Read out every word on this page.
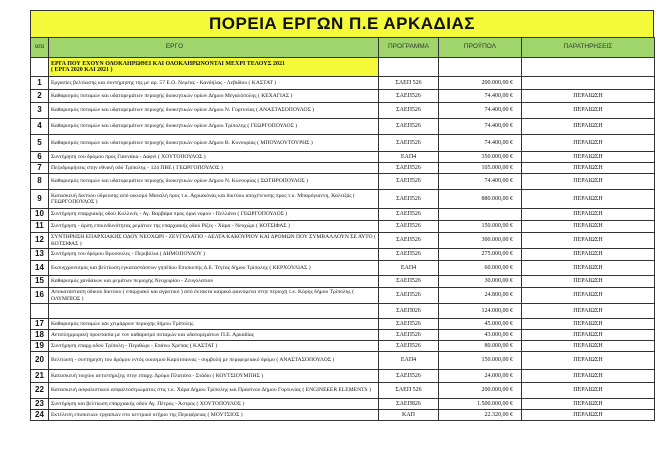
ΠΟΡΕΙΑ ΕΡΓΩΝ Π.Ε ΑΡΚΑΔΙΑΣ
α/α	ΕΡΓΟ	ΠΡΟΓΡΑΜΜΑ	ΠΡΟΫΠΟΛ	ΠΑΡΑΤΗΡΗΣΕΙΣ

	ΕΡΓΑ ΠΟΥ ΕΧΟΥΝ ΟΛΟΚΛΗΡΩΘΕΙ ΚΑΙ ΟΛΟΚΛΗΡΩΝΟΝΤΑΙ ΜΕΧΡΙ ΤΕΛΟΥΣ 2021
( ΕΡΓΑ 2020 ΚΑΙ 2021 )			

1	Εργασίες βελτίωσης και συντήρησης της με αρ. 57 Ε.Ο. Νεμέας - Κανδήλας - Λεβιδίου ( ΚΑΣΤΑΤ )	ΣΑΕΠ 526	200.000,00 €	
2	Καθαρισμός ποταμών και υδατορεμάτων περιοχής διοικητικών ορίων Δήμου Μεγαλόπολης ( ΚΕΧΑΓΙΑΣ )	ΣΑΕΠ526	74.400,00 €	ΠΕΡΑΙΩΣΗ
3	Καθαρισμός ποταμών και υδατορεμάτων περιοχής διοικητικών ορίων Δήμου Ν. Γορτυνίας ( ΑΝΑΣΤΑΣΟΠΟΥΛΟΣ )	ΣΑΕΠ526	74.400,00 €	ΠΕΡΑΙΩΣΗ
4	Καθαρισμός ποταμών και υδατορεμάτων περιοχής διοικητικών ορίων Δήμου Τρίπολης ( ΓΕΩΡΓΟΠΟΥΛΟΣ )	ΣΑΕΠ526	74.400,00 €	ΠΕΡΑΙΩΣΗ
5	Καθαρισμός ποταμών και υδατορεμάτων περιοχής διοικητικών ορίων Δήμου Β. Κυνουρίας ( ΜΠΟΥΛΟΥΤΟΥΡΗΣ )	ΣΑΕΠ526	74.400,00 €	ΠΕΡΑΙΩΣΗ
6	Συντήρηση του δρόμου προς Γιαννάκα - Δαφνί ( ΧΟΥΤΟΠΟΥΛΟΣ )	ΕΑΠ4	350.000,00 €	ΠΕΡΑΙΩΣΗ
7	Πεζοδρομήσεις στην εθνική οδό Τρίπολης - 124 ΠΒΕ ( ΓΕΩΡΓΟΠΟΥΛΟΣ )	ΣΑΕΠ526	105.000,00 €	ΠΕΡΑΙΩΣΗ
8	Καθαρισμός ποταμών και υδατορεμάτων περιοχής διοικητικών ορίων Δήμου Ν. Κυνουρίας ( ΣΩΤΗΡΟΠΟΥΛΟΣ )	ΣΑΕΠ526	74.400,00 €	ΠΕΡΑΙΩΣΗ
9	Κατασκευή δικτύου ύδρευσης από οικισμό Μαναλή προς τ.κ. Αγριακόνας και δικτύου αποχέτευσης προς τ.κ. Μπαρόγιαννη, Καλιτζάς ( ΓΕΩΡΓΟΠΟΥΛΟΣ )	ΣΑΕΠ526	880.000,00 €	ΠΕΡΑΙΩΣΗ
10	Συντήρηση επαρχιακής οδού Κολλινές - Αγ. Βαρβάρα προς όρια νομού - Πελλάνα ( ΓΕΩΡΓΟΠΟΥΛΟΣ )	ΣΑΕΠ526		ΠΕΡΑΙΩΣΗ
11	Συντήρηση - άρση επικινδυνότητας ρεμάτων της επαρχιακής οδού Ρίζες - Χάρα - Νεοχώρι ( ΚΟΤΣΙΦΑΣ )	ΣΑΕΠ526	150.000,00 €	ΠΕΡΑΙΩΣΗ
12	ΣΥΝΤΗΡΗΣΗ ΕΠΑΡΧΙΑΚΗΣ ΟΔΟΥ ΝΕΟΧΩΡΙ - ΖΕΥΓΟΛΑΤΙΟ - ΔΕΛΤΑ ΚΑΚΟΥΡΙΟΥ ΚΑΙ ΔΡΟΜΩΝ ΠΟΥ ΣΥΜΒΑΛΛΟΥΝ ΣΕ ΑΥΤΟ ( ΚΟΤΣΙΦΑΣ )	ΣΑΕΠ526	300.000,00 €	ΠΕΡΑΙΩΣΗ
13	Συντήρηση του δρόμου Βρυσούλες - Περιβόλια ( ΔΗΜΟΠΟΥΛΟΥ )	ΣΑΕΠ526	275.000,00 €	ΠΕΡΑΙΩΣΗ
14	Εκσυγχρονισμός και βελτίωση εγκαταστάσεων γηπέδου Επισκοπής Δ.Ε. Τεγέας δήμου Τρίπολης ( ΚΕΡΧΟΥΛΙΑΣ )	ΕΑΠ4	60.000,00 €	ΠΕΡΑΙΩΣΗ
15	Καθαρισμός χανδάκων και ρεμάτων περιοχής Νεοχωρίου - Ζευγολατιού	ΣΑΕΠ526	30.000,00 €	ΠΕΡΑΙΩΣΗ
16	Αποκατάσταση οδικού δικτύου ( επαρχιακό και αγροτικό ) από έκτακτα καιρικά φαινόμενα στην περιοχή τ.κ. Κόρης δήμου Τρίπολης ( ΟΛΥΜΠΙΟΣ )	ΣΑΕΠ526	24.800,00 €	ΠΕΡΑΙΩΣΗ
		ΣΑΕΠ026	124.000,00 €	ΠΕΡΑΙΩΣΗ
17	Καθαρισμός ποταμών και χειμάρρων περιοχής δήμου Τρίπολης	ΣΑΕΠ526	45.000,00 €	ΠΕΡΑΙΩΣΗ
18	Αντιπλημμυρική προστασία με τον καθαρισμό ποταμών και υδατορεμάτων Π.Ε. Αρκαδίας	ΣΑΕΠ526	43.000,00 €	ΠΕΡΑΙΩΣΗ
19	Συντήρηση επαρχ.οδού Τρίπολη - Περιθώρι - Επάνω Χρέπας ( ΚΑΣΤΑΤ )	ΣΑΕΠ526	80.000,00 €	ΠΕΡΑΙΩΣΗ
20	Βελτίωση - συντήρηση του δρόμου εντός οικισμού Καρύτσαινας - συμβολή με περιφερειακό δρόμο ( ΑΝΑΣΤΑΣΟΠΟΥΛΟΣ )	ΕΑΠ4	150.000,00 €	ΠΕΡΑΙΩΣΗ
21	Κατασκευή τοιχίου αντιστήριξης στην επαρχ. Δρόμο Πλατάνα - Στάδιο ( ΚΟΥΤΣΙΟΥΜΠΗΣ )	ΣΑΕΠ526	24.000,00 €	ΠΕΡΑΙΩΣΗ
22	Κατασκευή ασφαλιστικού ασφαλτοστρώματος στις τ.κ. Χάρα Δήμου Τρίπολης και Πρασίνου Δήμου Γορτυνίας ( ENGINEEER ELEMENTS )	ΣΑΕΠ 526	200.000,00 €	ΠΕΡΑΙΩΣΗ
23	Συντήρηση και βελτίωση επαρχιακής οδού Αγ. Πέτρος - Άστρος ( ΧΟΥΤΟΠΟΥΛΟΣ )	ΣΑΕΠ826	1.500.000,00 €	ΠΕΡΑΙΩΣΗ
24	Εκτέλεση επισκευών εργασιών στο κεντρικό κτήριο της Περιφέρειας ( ΜΟΥΤΣΙΟΣ )	ΚΑΠ	22.320,00 €	ΠΕΡΑΙΩΣΗ
